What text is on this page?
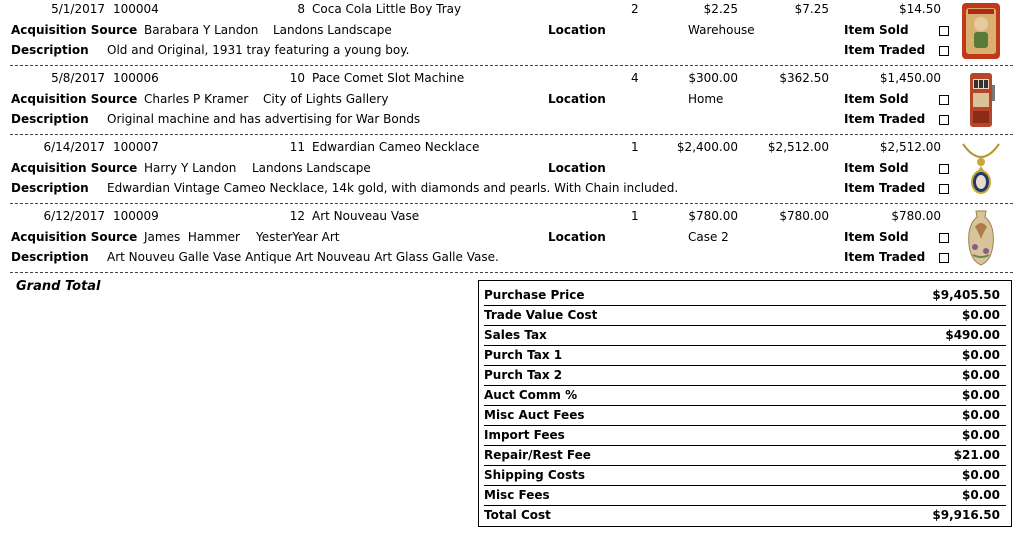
5/1/2017 100004	8 Coca Cola Little Boy Tray	2	$2.25	$7.25	$14.50
Acquisition Source Barabara Y Landon Landons Landscape	Location	Warehouse	Item Sold
Description Old and Original, 1931 tray featuring a young boy.	Item Traded
5/8/2017 100006	10 Pace Comet Slot Machine	4	$300.00	$362.50	$1,450.00
Acquisition Source Charles P Kramer City of Lights Gallery	Location	Home	Item Sold
Description Original machine and has advertising for War Bonds	Item Traded
6/14/2017 100007	11 Edwardian Cameo Necklace	1	$2,400.00	$2,512.00	$2,512.00
Acquisition Source Harry Y Landon Landons Landscape	Location	Item Sold
Description Edwardian Vintage Cameo Necklace, 14k gold, with diamonds and pearls. With Chain included.	Item Traded
6/12/2017 100009	12 Art Nouveau Vase	1	$780.00	$780.00	$780.00
Acquisition Source James  Hammer YesterYear Art	Location	Case 2	Item Sold
Description Art Nouveu Galle Vase Antique Art Nouveau Art Glass Galle Vase.	Item Traded
Grand Total
Purchase Price	$9,405.50
Trade Value Cost	$0.00
Sales Tax	$490.00
Purch Tax 1	$0.00
Purch Tax 2	$0.00
Auct Comm %	$0.00
Misc Auct Fees	$0.00
Import Fees	$0.00
Repair/Rest Fee	$21.00
Shipping Costs	$0.00
Misc Fees	$0.00
Total Cost	$9,916.50
